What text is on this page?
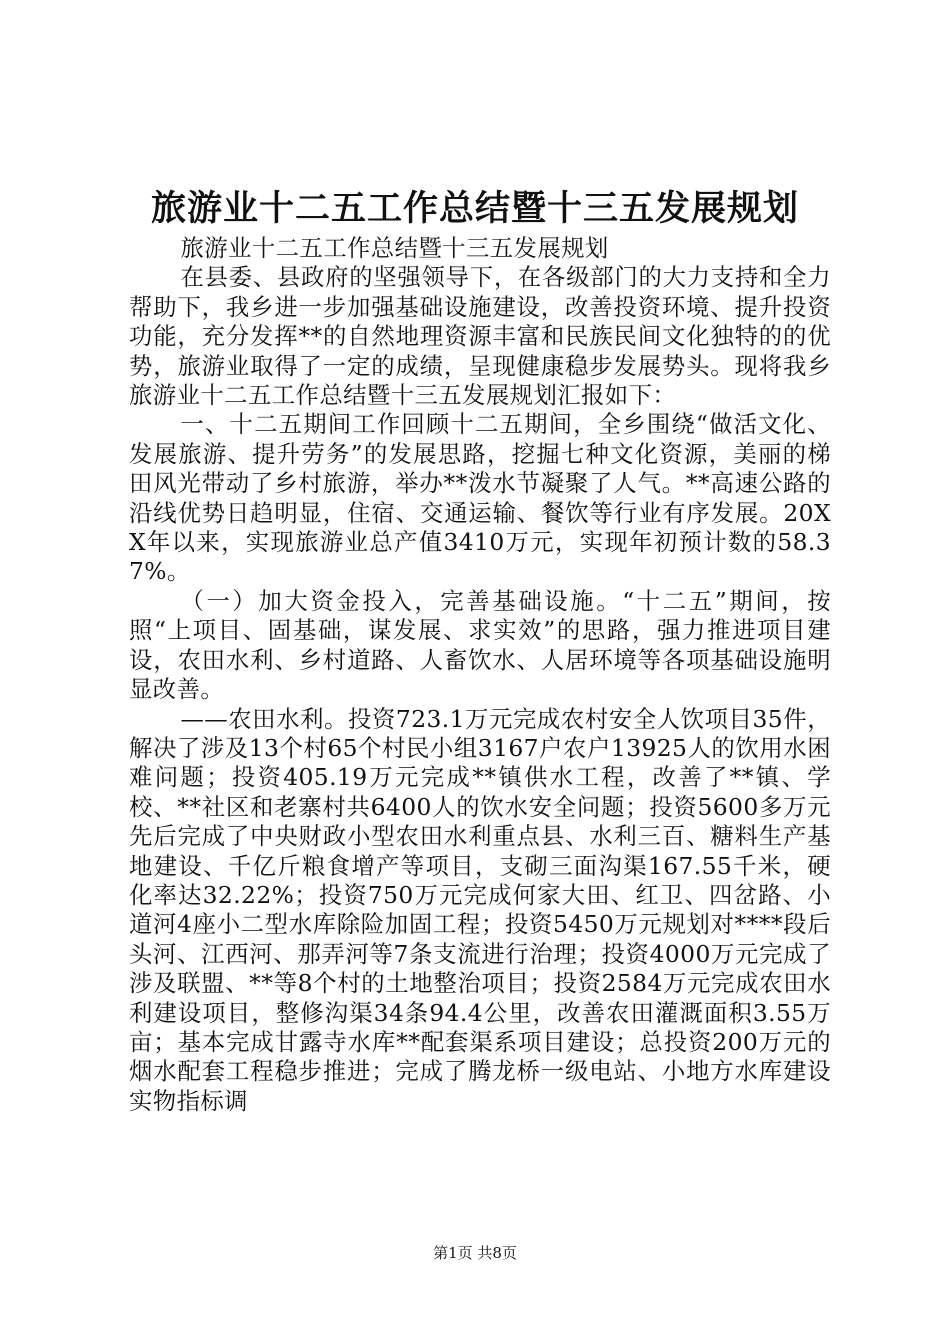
旅游业十二五工作总结暨十三五发展规划

旅游业十二五工作总结暨十三五发展规划

在县委、县政府的坚强领导下，在各级部门的大力支持和全力帮助下，我乡进一步加强基础设施建设，改善投资环境、提升投资功能，充分发挥**的自然地理资源丰富和民族民间文化独特的的优势，旅游业取得了一定的成绩，呈现健康稳步发展势头。现将我乡旅游业十二五工作总结暨十三五发展规划汇报如下：

一、十二五期间工作回顾十二五期间，全乡围绕“做活文化、发展旅游、提升劳务”的发展思路，挖掘七种文化资源，美丽的梯田风光带动了乡村旅游，举办**泼水节凝聚了人气。**高速公路的沿线优势日趋明显，住宿、交通运输、餐饮等行业有序发展。20XX年以来，实现旅游业总产值3410万元，实现年初预计数的58.37%。

（一）加大资金投入，完善基础设施。“十二五”期间，按照“上项目、固基础，谋发展、求实效”的思路，强力推进项目建设，农田水利、乡村道路、人畜饮水、人居环境等各项基础设施明显改善。

——农田水利。投资723.1万元完成农村安全人饮项目35件，解决了涉及13个村65个村民小组3167户农户13925人的饮用水困难问题；投资405.19万元完成**镇供水工程，改善了**镇、学校、**社区和老寨村共6400人的饮水安全问题；投资5600多万元先后完成了中央财政小型农田水利重点县、水利三百、糖料生产基地建设、千亿斤粮食增产等项目，支砌三面沟渠167.55千米，硬化率达32.22%；投资750万元完成何家大田、红卫、四岔路、小道河4座小二型水库除险加固工程；投资5450万元规划对****段后头河、江西河、那弄河等7条支流进行治理；投资4000万元完成了涉及联盟、**等8个村的土地整治项目；投资2584万元完成农田水利建设项目，整修沟渠34条94.4公里，改善农田灌溉面积3.55万亩；基本完成甘露寺水库**配套渠系项目建设；总投资200万元的烟水配套工程稳步推进；完成了腾龙桥一级电站、小地方水库建设实物指标调

第1页 共8页
